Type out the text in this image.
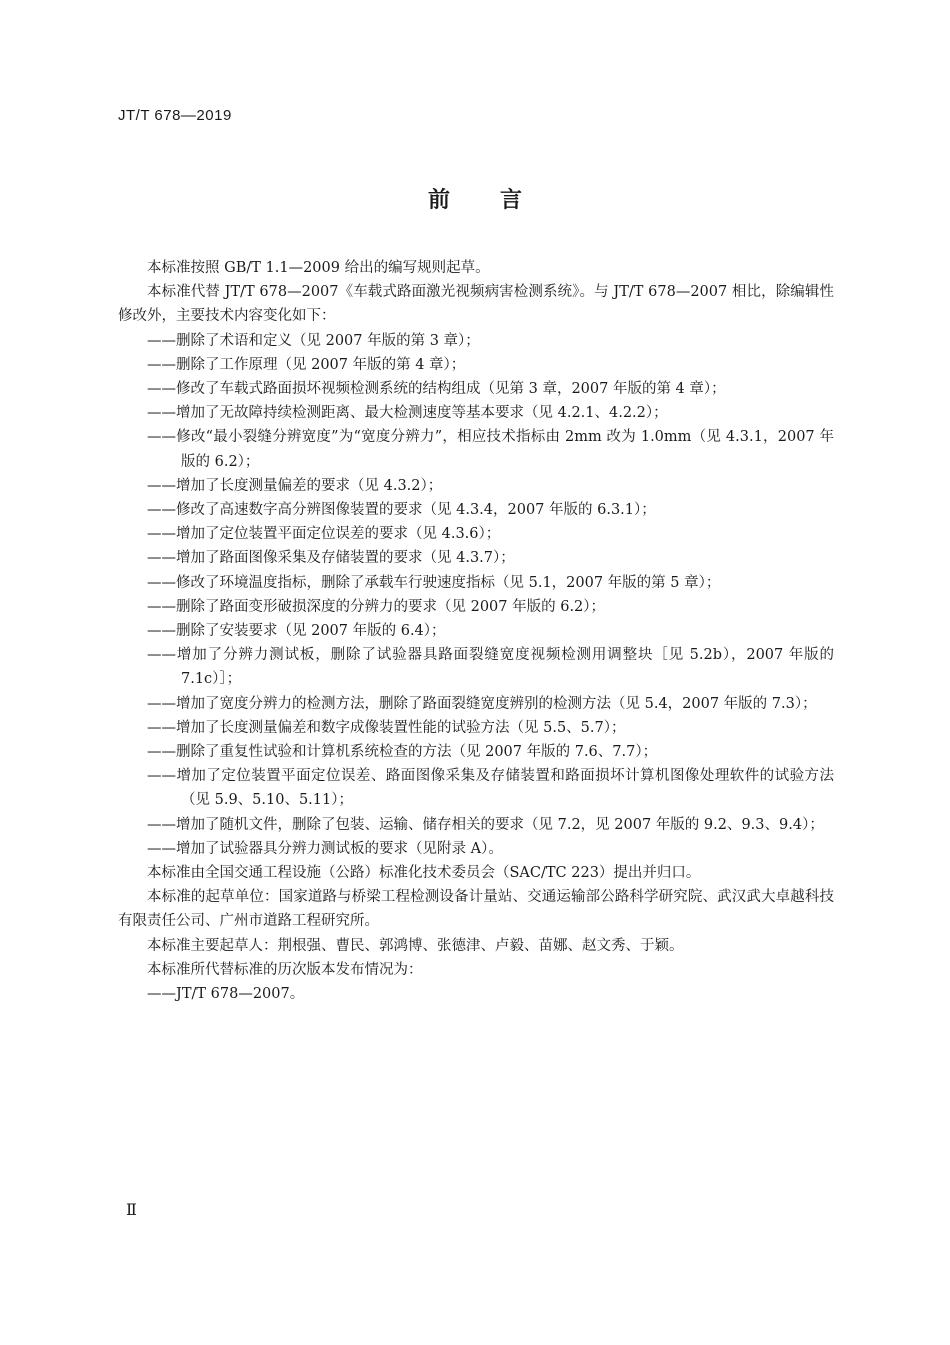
JT/T 678—2019
前言

本标准按照 GB/T 1.1—2009 给出的编写规则起草。

本标准代替 JT/T 678—2007《车载式路面激光视频病害检测系统》。与 JT/T 678—2007 相比，除编辑性修改外，主要技术内容变化如下：

——删除了术语和定义（见 2007 年版的第 3 章）；

——删除了工作原理（见 2007 年版的第 4 章）；

——修改了车载式路面损坏视频检测系统的结构组成（见第 3 章，2007 年版的第 4 章）；

——增加了无故障持续检测距离、最大检测速度等基本要求（见 4.2.1、4.2.2）；

——修改“最小裂缝分辨宽度”为“宽度分辨力”，相应技术指标由 2mm 改为 1.0mm（见 4.3.1，2007 年版的 6.2）；

——增加了长度测量偏差的要求（见 4.3.2）；

——修改了高速数字高分辨图像装置的要求（见 4.3.4，2007 年版的 6.3.1）；

——增加了定位装置平面定位误差的要求（见 4.3.6）；

——增加了路面图像采集及存储装置的要求（见 4.3.7）；

——修改了环境温度指标，删除了承载车行驶速度指标（见 5.1，2007 年版的第 5 章）；

——删除了路面变形破损深度的分辨力的要求（见 2007 年版的 6.2）；

——删除了安装要求（见 2007 年版的 6.4）；

——增加了分辨力测试板，删除了试验器具路面裂缝宽度视频检测用调整块［见 5.2b），2007 年版的 7.1c）］；

——增加了宽度分辨力的检测方法，删除了路面裂缝宽度辨别的检测方法（见 5.4，2007 年版的 7.3）；

——增加了长度测量偏差和数字成像装置性能的试验方法（见 5.5、5.7）；

——删除了重复性试验和计算机系统检查的方法（见 2007 年版的 7.6、7.7）；

——增加了定位装置平面定位误差、路面图像采集及存储装置和路面损坏计算机图像处理软件的试验方法（见 5.9、5.10、5.11）；

——增加了随机文件，删除了包装、运输、储存相关的要求（见 7.2，见 2007 年版的 9.2、9.3、9.4）；

——增加了试验器具分辨力测试板的要求（见附录 A）。

本标准由全国交通工程设施（公路）标准化技术委员会（SAC/TC 223）提出并归口。

本标准的起草单位：国家道路与桥梁工程检测设备计量站、交通运输部公路科学研究院、武汉武大卓越科技有限责任公司、广州市道路工程研究所。

本标准主要起草人：荆根强、曹民、郭鸿博、张德津、卢毅、苗娜、赵文秀、于颖。

本标准所代替标准的历次版本发布情况为：

——JT/T 678—2007。

Ⅱ
